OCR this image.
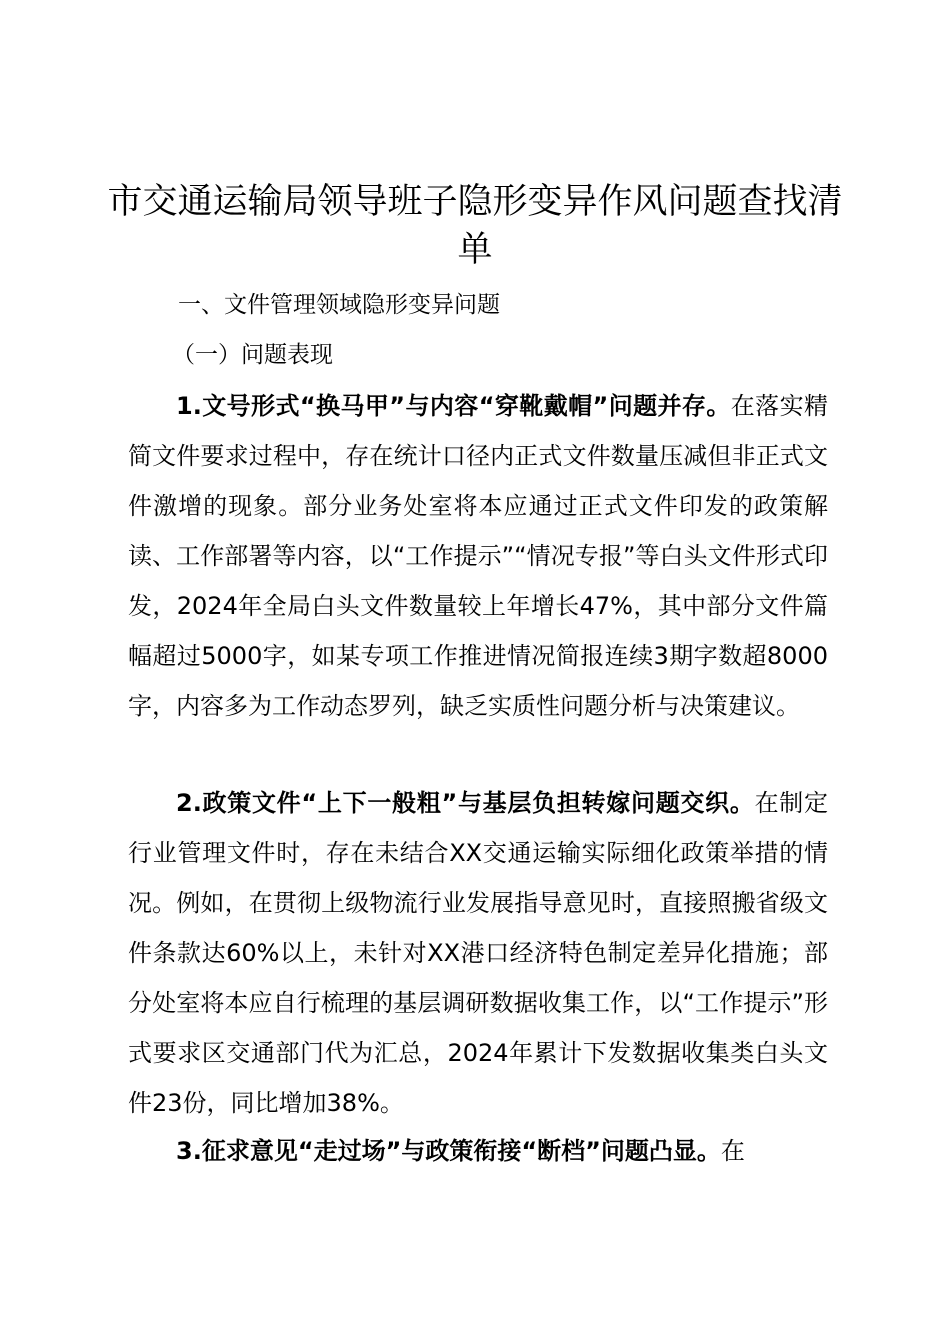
市交通运输局领导班子隐形变异作风问题查找清单

一、文件管理领域隐形变异问题

（一）问题表现

1.文号形式“换马甲”与内容“穿靴戴帽”问题并存。在落实精简文件要求过程中，存在统计口径内正式文件数量压减但非正式文件激增的现象。部分业务处室将本应通过正式文件印发的政策解读、工作部署等内容，以“工作提示”“情况专报”等白头文件形式印发，2024年全局白头文件数量较上年增长47%，其中部分文件篇幅超过5000字，如某专项工作推进情况简报连续3期字数超8000字，内容多为工作动态罗列，缺乏实质性问题分析与决策建议。

2.政策文件“上下一般粗”与基层负担转嫁问题交织。在制定行业管理文件时，存在未结合XX交通运输实际细化政策举措的情况。例如，在贯彻上级物流行业发展指导意见时，直接照搬省级文件条款达60%以上，未针对XX港口经济特色制定差异化措施；部分处室将本应自行梳理的基层调研数据收集工作，以“工作提示”形式要求区交通部门代为汇总，2024年累计下发数据收集类白头文件23份，同比增加38%。

3.征求意见“走过场”与政策衔接“断档”问题凸显。在
